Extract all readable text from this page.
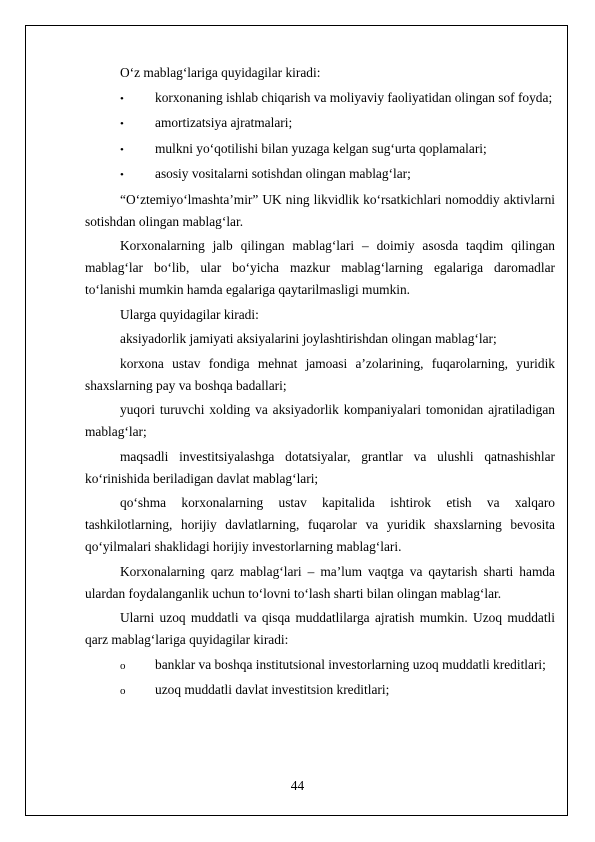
O‘z mablag‘lariga quyidagilar kiradi:

• korxonaning ishlab chiqarish va moliyaviy faoliyatidan olingan sof foyda;

• amortizatsiya ajratmalari;

• mulkni yo‘qotilishi bilan yuzaga kelgan sug‘urta qoplamalari;

• asosiy vositalarni sotishdan olingan mablag‘lar;

“O‘ztemiyo‘lmashta’mir” UK ning likvidlik ko‘rsatkichlari nomoddiy aktivlarni sotishdan olingan mablag‘lar.

Korxonalarning jalb qilingan mablag‘lari – doimiy asosda taqdim qilingan mablag‘lar bo‘lib, ular bo‘yicha mazkur mablag‘larning egalariga daromadlar to‘lanishi mumkin hamda egalariga qaytarilmasligi mumkin.

Ularga quyidagilar kiradi:

aksiyadorlik jamiyati aksiyalarini joylashtirishdan olingan mablag‘lar;

korxona ustav fondiga mehnat jamoasi a’zolarining, fuqarolarning, yuridik shaxslarning pay va boshqa badallari;

yuqori turuvchi xolding va aksiyadorlik kompaniyalari tomonidan ajratiladigan mablag‘lar;

maqsadli investitsiyalashga dotatsiyalar, grantlar va ulushli qatnashishlar ko‘rinishida beriladigan davlat mablag‘lari;

qo‘shma korxonalarning ustav kapitalida ishtirok etish va xalqaro tashkilotlarning, horijiy davlatlarning, fuqarolar va yuridik shaxslarning bevosita qo‘yilmalari shaklidagi horijiy investorlarning mablag‘lari.

Korxonalarning qarz mablag‘lari – ma’lum vaqtga va qaytarish sharti hamda ulardan foydalanganlik uchun to‘lovni to‘lash sharti bilan olingan mablag‘lar.

Ularni uzoq muddatli va qisqa muddatlilarga ajratish mumkin. Uzoq muddatli qarz mablag‘lariga quyidagilar kiradi:

o banklar va boshqa institutsional investorlarning uzoq muddatli kreditlari;

o uzoq muddatli davlat investitsion kreditlari;

44
